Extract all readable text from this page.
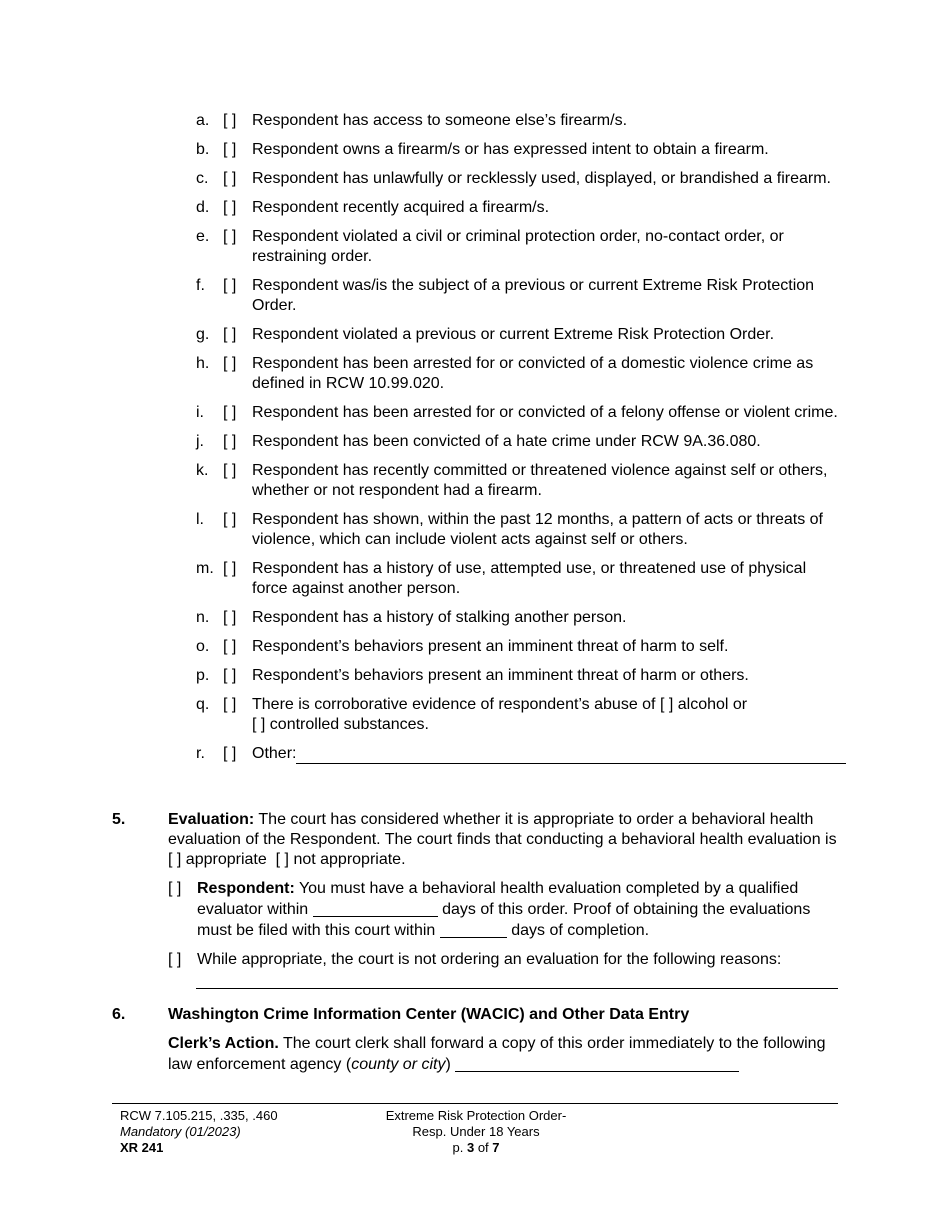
a. [ ] Respondent has access to someone else’s firearm/s.
b. [ ] Respondent owns a firearm/s or has expressed intent to obtain a firearm.
c. [ ] Respondent has unlawfully or recklessly used, displayed, or brandished a firearm.
d. [ ] Respondent recently acquired a firearm/s.
e. [ ] Respondent violated a civil or criminal protection order, no-contact order, or restraining order.
f.	[ ] Respondent was/is the subject of a previous or current Extreme Risk Protection Order.
g. [ ] Respondent violated a previous or current Extreme Risk Protection Order.
h. [ ] Respondent has been arrested for or convicted of a domestic violence crime as defined in RCW 10.99.020.
i.	[ ] Respondent has been arrested for or convicted of a felony offense or violent crime.
j.	[ ] Respondent has been convicted of a hate crime under RCW 9A.36.080.
k. [ ] Respondent has recently committed or threatened violence against self or others, whether or not respondent had a firearm.
l.	[ ] Respondent has shown, within the past 12 months, a pattern of acts or threats of violence, which can include violent acts against self or others.
m. [ ] Respondent has a history of use, attempted use, or threatened use of physical force against another person.
n. [ ] Respondent has a history of stalking another person.
o. [ ] Respondent’s behaviors present an imminent threat of harm to self.
p. [ ] Respondent’s behaviors present an imminent threat of harm or others.
q. [ ] There is corroborative evidence of respondent’s abuse of [ ] alcohol or
[ ] controlled substances.
r.	[ ] Other:
5.	Evaluation: The court has considered whether it is appropriate to order a behavioral health evaluation of the Respondent. The court finds that conducting a behavioral health evaluation is [ ] appropriate [ ] not appropriate.
[ ] Respondent: You must have a behavioral health evaluation completed by a qualified evaluator within	days of this order. Proof of obtaining the evaluations must be filed with this court within	days of completion.
[ ] While appropriate, the court is not ordering an evaluation for the following reasons:
6.	Washington Crime Information Center (WACIC) and Other Data Entry
Clerk’s Action. The court clerk shall forward a copy of this order immediately to the following law enforcement agency (county or city)
RCW 7.105.215, .335, .460
Mandatory (01/2023)
XR 241
Extreme Risk Protection Order-
Resp. Under 18 Years
p. 3 of 7
